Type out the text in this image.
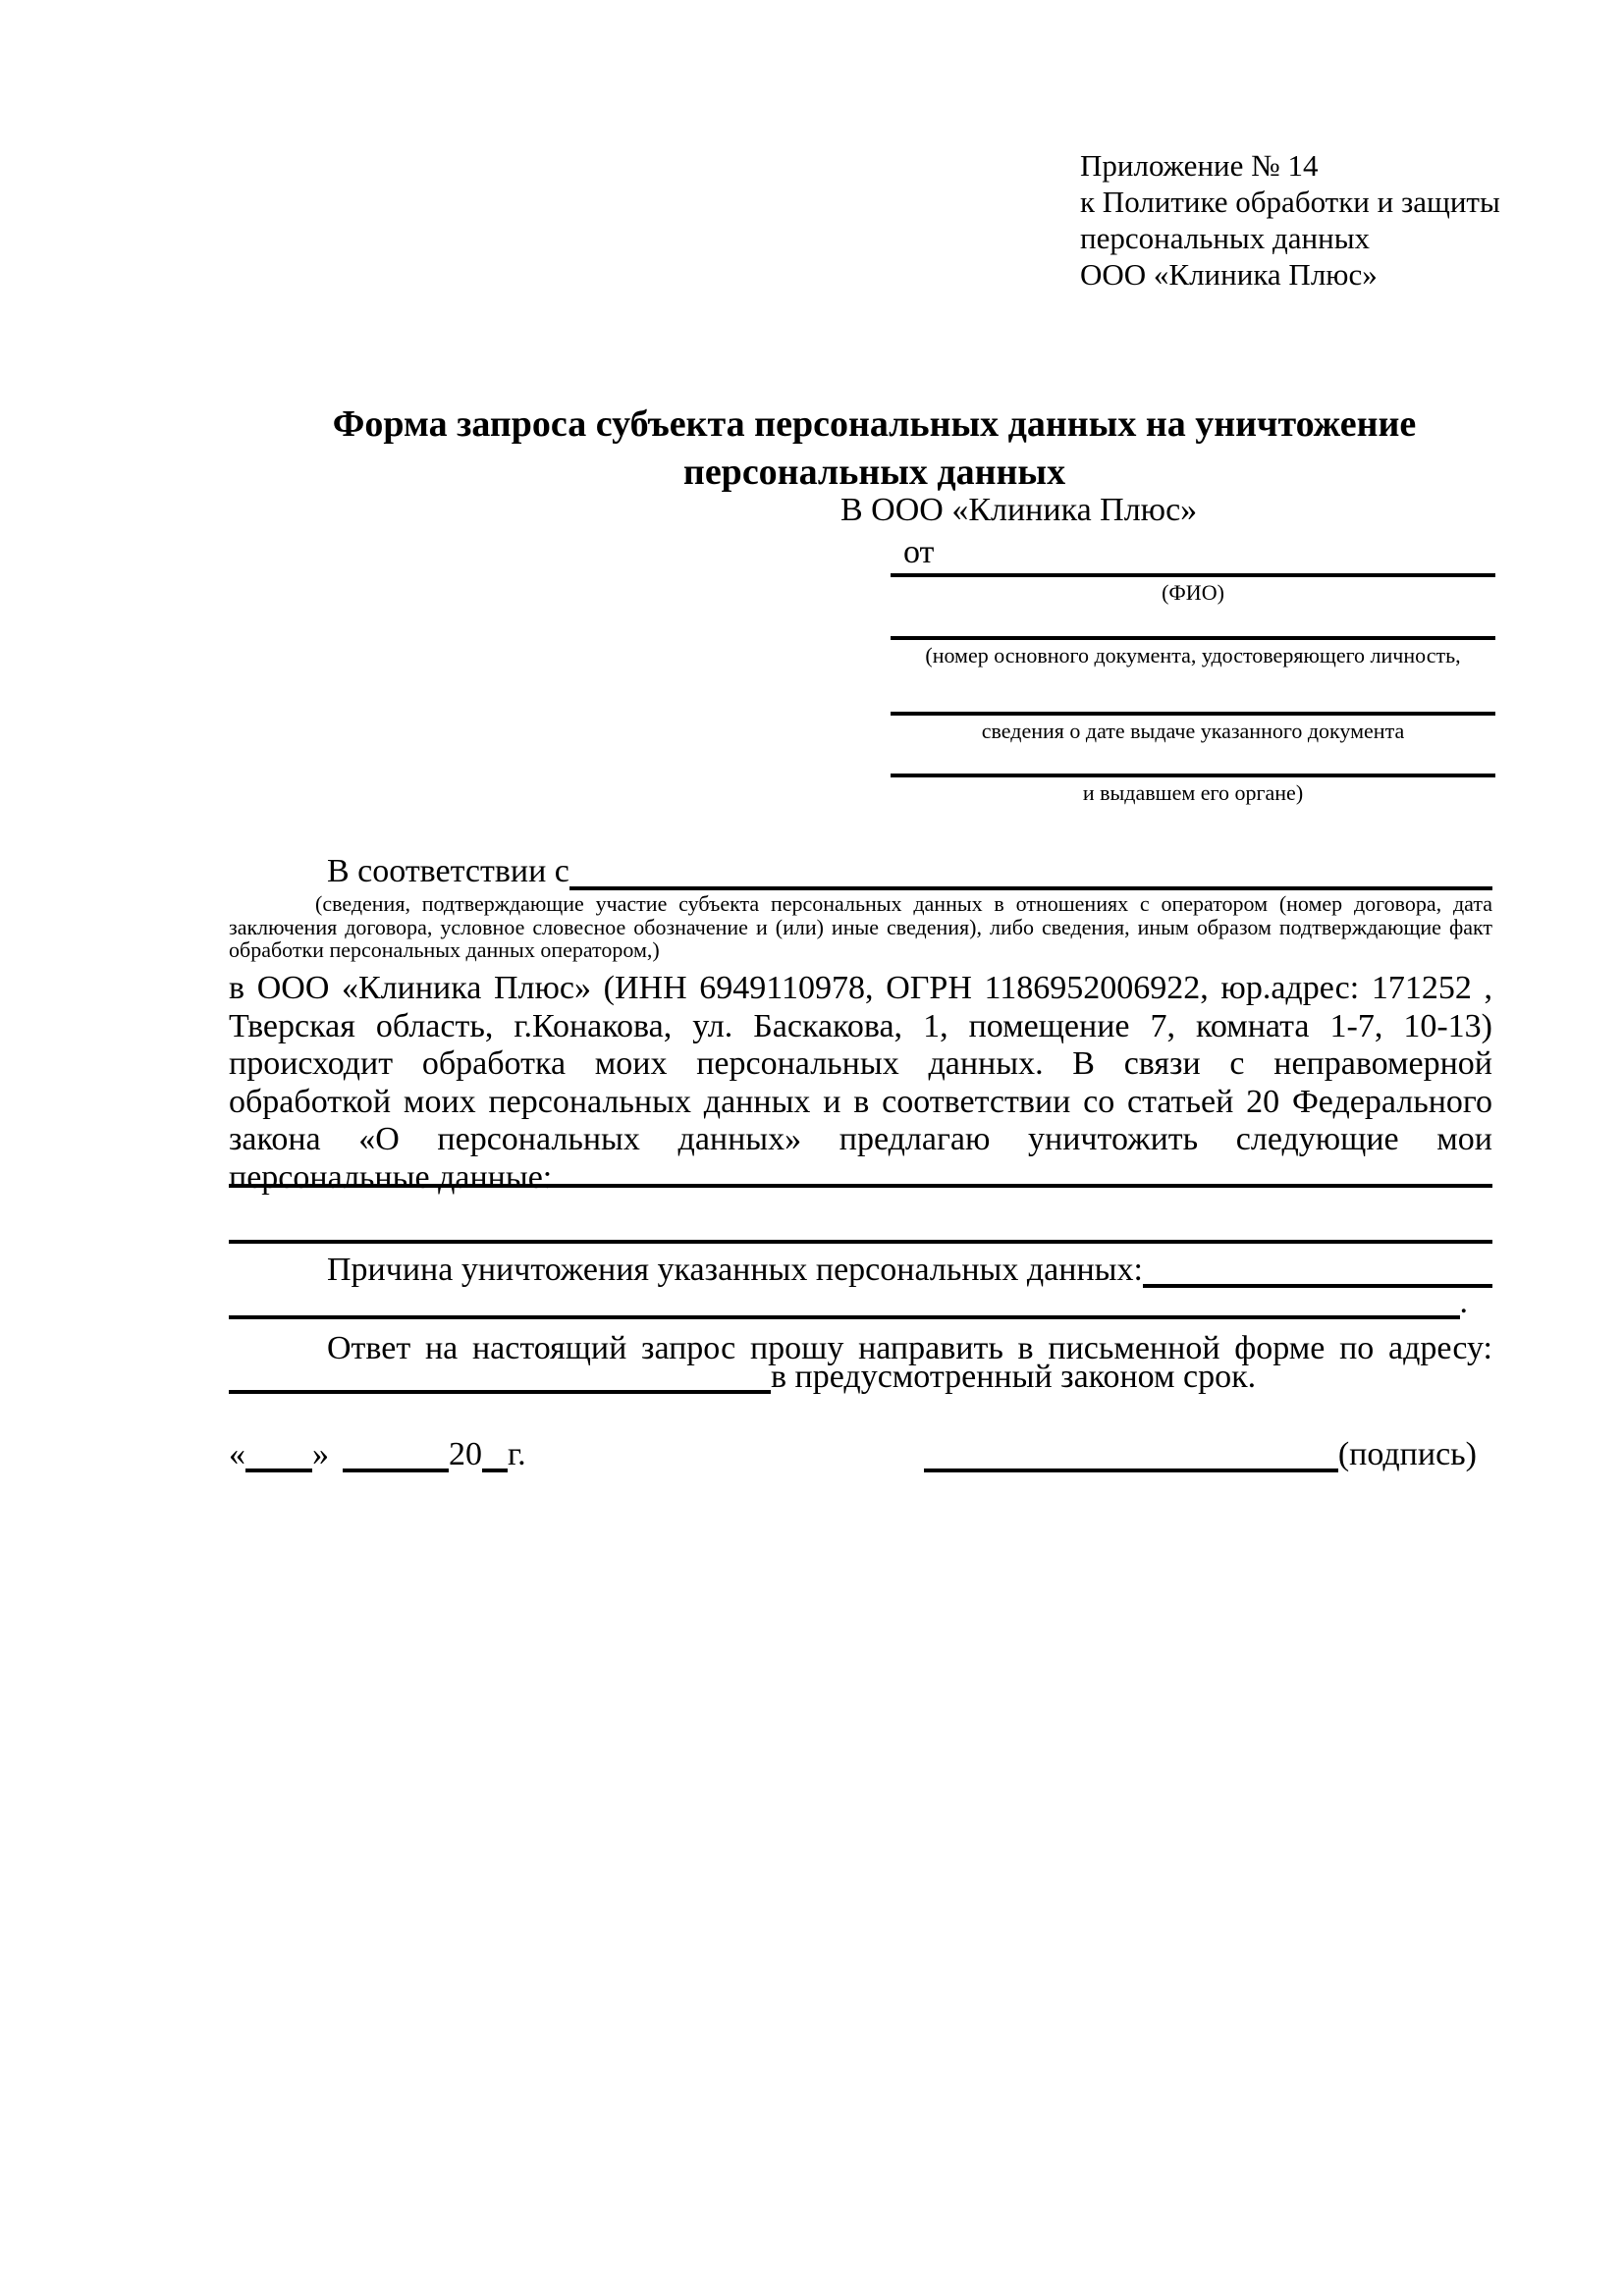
Приложение № 14
к Политике обработки и защиты
персональных данных
ООО «Клиника Плюс»
Форма запроса субъекта персональных данных на уничтожение
персональных данных
В ООО «Клиника Плюс»
от
(ФИО)
(номер основного документа, удостоверяющего личность,
сведения о дате выдаче указанного документа
и выдавшем его органе)
В соответствии с
(сведения, подтверждающие участие субъекта персональных данных в отношениях с оператором (номер договора, дата заключения договора, условное словесное обозначение и (или) иные сведения), либо сведения, иным образом подтверждающие факт обработки персональных данных оператором,)
в ООО «Клиника Плюс» (ИНН 6949110978, ОГРН 1186952006922, юр.адрес: 171252 , Тверская область, г.Конакова, ул. Баскакова, 1, помещение 7, комната 1-7, 10-13) происходит обработка моих персональных данных. В связи с неправомерной обработкой моих персональных данных и в соответствии со статьей 20 Федерального закона «О персональных данных» предлагаю уничтожить следующие мои персональные данные:
Причина уничтожения указанных персональных данных:
.
Ответ на настоящий запрос прошу направить в письменной форме по адресу:
в предусмотренный законом срок.
« »	20 г.	(подпись)
